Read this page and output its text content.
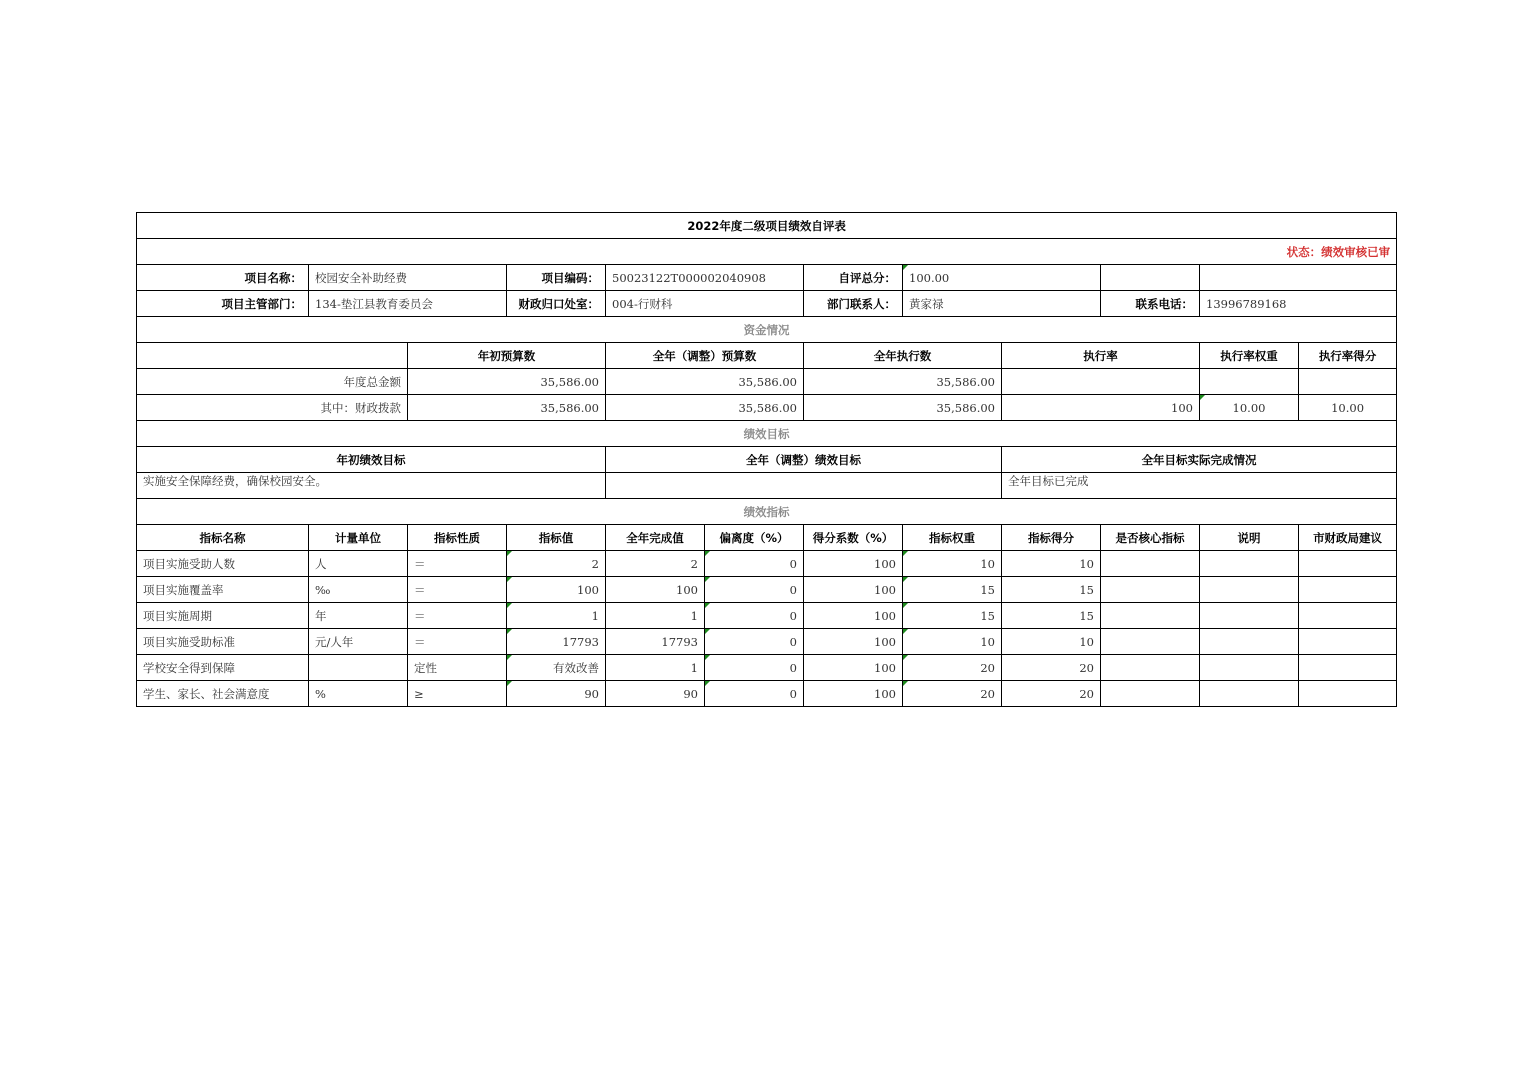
2022年度二级项目绩效自评表											
状态：绩效审核已审											
项目名称：	校园安全补助经费		项目编码：	50023122T000002040908		自评总分：	100.00				
项目主管部门：	134-垫江县教育委员会		财政归口处室：	004-行财科		部门联系人：	黄家禄		联系电话：	13996789168	
资金情况											
		年初预算数		全年（调整）预算数		全年执行数		执行率		执行率权重	执行率得分
年度总金额		35,586.00		35,586.00		35,586.00					
其中：财政拨款		35,586.00		35,586.00		35,586.00		100		10.00	10.00
绩效目标											
年初绩效目标				全年（调整）绩效目标				全年目标实际完成情况			
实施安全保障经费，确保校园安全。								全年目标已完成			
绩效指标											
指标名称	计量单位	指标性质	指标值	全年完成值	偏离度（%）	得分系数（%）	指标权重	指标得分	是否核心指标	说明	市财政局建议
项目实施受助人数	人	＝	2	2	0	100	10	10			
项目实施覆盖率	‰	＝	100	100	0	100	15	15			
项目实施周期	年	＝	1	1	0	100	15	15			
项目实施受助标准	元/人年	＝	17793	17793	0	100	10	10			
学校安全得到保障		定性	有效改善	1	0	100	20	20			
学生、家长、社会满意度	%	≥	90	90	0	100	20	20			
